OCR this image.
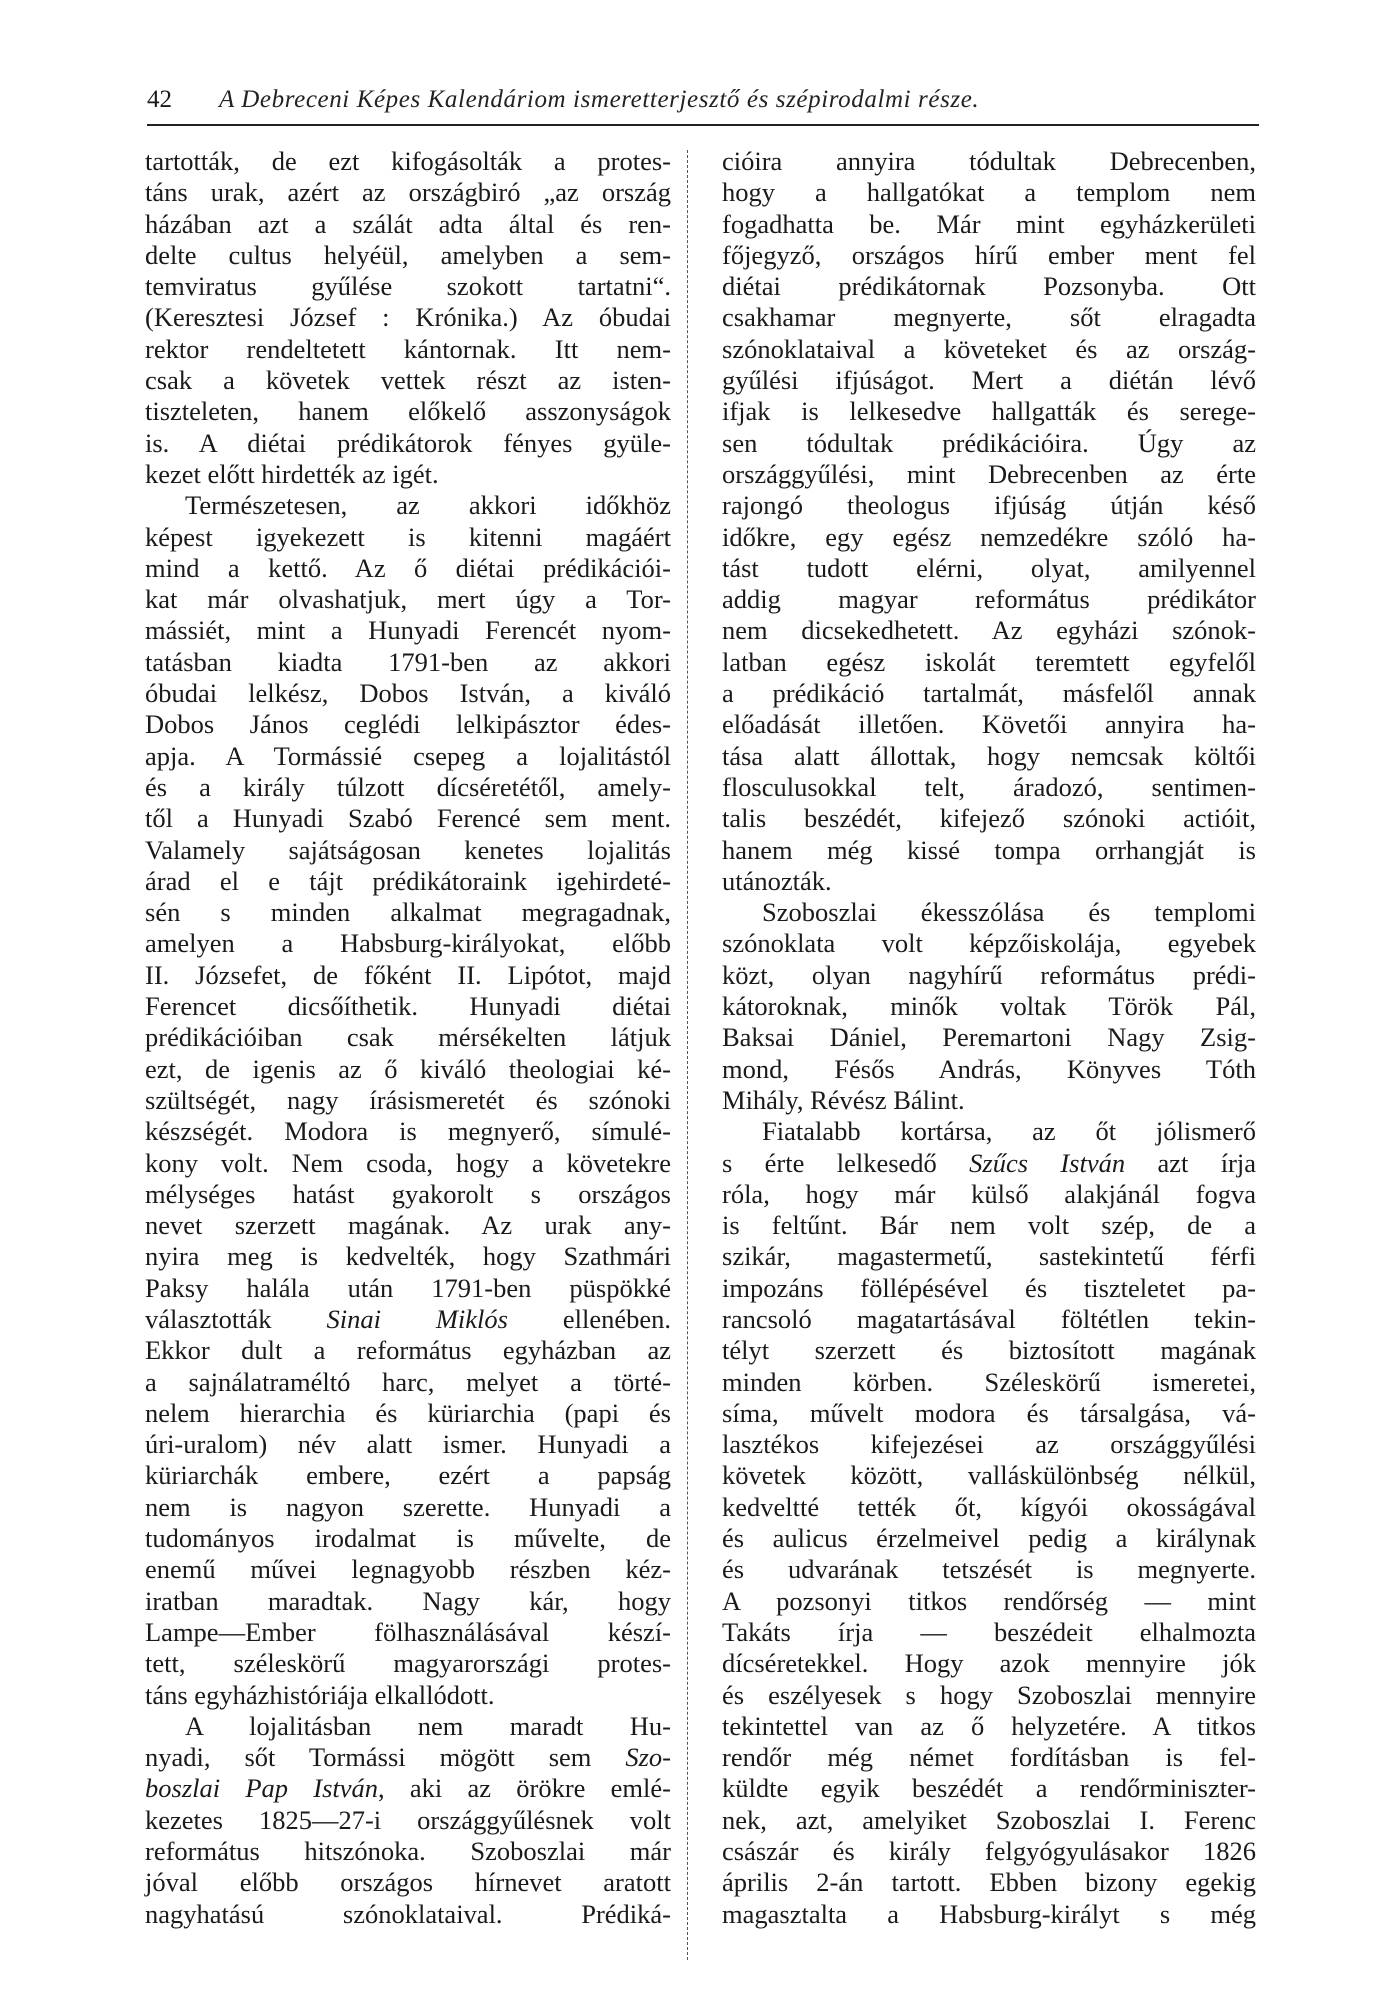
42 A Debreceni Képes Kalendáriom ismeretterjesztő és szépirodalmi része.
tartották, de ezt kifogásolták a protes-
táns urak, azért az országbiró „az ország
házában azt a szálát adta által és ren-
delte cultus helyéül, amelyben a sem-
temviratus gyűlése szokott tartatni“.
(Keresztesi József : Krónika.) Az óbudai
rektor rendeltetett kántornak. Itt nem-
csak a követek vettek részt az isten-
tiszteleten, hanem előkelő asszonyságok
is. A diétai prédikátorok fényes gyüle-
kezet előtt hirdették az igét.
Természetesen, az akkori időkhöz
képest igyekezett is kitenni magáért
mind a kettő. Az ő diétai prédikációi-
kat már olvashatjuk, mert úgy a Tor-
mássiét, mint a Hunyadi Ferencét nyom-
tatásban kiadta 1791-ben az akkori
óbudai lelkész, Dobos István, a kiváló
Dobos János ceglédi lelkipásztor édes-
apja. A Tormássié csepeg a lojalitástól
és a király túlzott dícséretétől, amely-
től a Hunyadi Szabó Ferencé sem ment.
Valamely sajátságosan kenetes lojalitás
árad el e tájt prédikátoraink igehirdeté-
sén s minden alkalmat megragadnak,
amelyen a Habsburg-királyokat, előbb
II. Józsefet, de főként II. Lipótot, majd
Ferencet dicsőíthetik. Hunyadi diétai
prédikációiban csak mérsékelten látjuk
ezt, de igenis az ő kiváló theologiai ké-
szültségét, nagy írásismeretét és szónoki
készségét. Modora is megnyerő, símulé-
kony volt. Nem csoda, hogy a követekre
mélységes hatást gyakorolt s országos
nevet szerzett magának. Az urak any-
nyira meg is kedvelték, hogy Szathmári
Paksy halála után 1791-ben püspökké
választották Sinai Miklós ellenében.
Ekkor dult a református egyházban az
a sajnálatraméltó harc, melyet a törté-
nelem hierarchia és küriarchia (papi és
úri-uralom) név alatt ismer. Hunyadi a
küriarchák embere, ezért a papság
nem is nagyon szerette. Hunyadi a
tudományos irodalmat is művelte, de
enemű művei legnagyobb részben kéz-
iratban maradtak. Nagy kár, hogy
Lampe—Ember fölhasználásával készí-
tett, széleskörű magyarországi protes-
táns egyházhistóriája elkallódott.
A lojalitásban nem maradt Hu-
nyadi, sőt Tormássi mögött sem Szo-
boszlai Pap István, aki az örökre emlé-
kezetes 1825—27-i országgyűlésnek volt
református hitszónoka. Szoboszlai már
jóval előbb országos hírnevet aratott
nagyhatású szónoklataival. Prédiká-
cióira annyira tódultak Debrecenben,
hogy a hallgatókat a templom nem
fogadhatta be. Már mint egyházkerületi
főjegyző, országos hírű ember ment fel
diétai prédikátornak Pozsonyba. Ott
csakhamar megnyerte, sőt elragadta
szónoklataival a követeket és az ország-
gyűlési ifjúságot. Mert a diétán lévő
ifjak is lelkesedve hallgatták és serege-
sen tódultak prédikációira. Úgy az
országgyűlési, mint Debrecenben az érte
rajongó theologus ifjúság útján késő
időkre, egy egész nemzedékre szóló ha-
tást tudott elérni, olyat, amilyennel
addig magyar református prédikátor
nem dicsekedhetett. Az egyházi szónok-
latban egész iskolát teremtett egyfelől
a prédikáció tartalmát, másfelől annak
előadását illetően. Követői annyira ha-
tása alatt állottak, hogy nemcsak költői
flosculusokkal telt, áradozó, sentimen-
talis beszédét, kifejező szónoki actióit,
hanem még kissé tompa orrhangját is
utánozták.
Szoboszlai ékesszólása és templomi
szónoklata volt képzőiskolája, egyebek
közt, olyan nagyhírű református prédi-
kátoroknak, minők voltak Török Pál,
Baksai Dániel, Peremartoni Nagy Zsig-
mond, Fésős András, Könyves Tóth
Mihály, Révész Bálint.
Fiatalabb kortársa, az őt jólismerő
s érte lelkesedő Szűcs István azt írja
róla, hogy már külső alakjánál fogva
is feltűnt. Bár nem volt szép, de a
szikár, magastermetű, sastekintetű férfi
impozáns föllépésével és tiszteletet pa-
rancsoló magatartásával föltétlen tekin-
télyt szerzett és biztosított magának
minden körben. Széleskörű ismeretei,
síma, művelt modora és társalgása, vá-
lasztékos kifejezései az országgyűlési
követek között, valláskülönbség nélkül,
kedveltté tették őt, kígyói okosságával
és aulicus érzelmeivel pedig a királynak
és udvarának tetszését is megnyerte.
A pozsonyi titkos rendőrség — mint
Takáts írja — beszédeit elhalmozta
dícséretekkel. Hogy azok mennyire jók
és eszélyesek s hogy Szoboszlai mennyire
tekintettel van az ő helyzetére. A titkos
rendőr még német fordításban is fel-
küldte egyik beszédét a rendőrminiszter-
nek, azt, amelyiket Szoboszlai I. Ferenc
császár és király felgyógyulásakor 1826
április 2-án tartott. Ebben bizony egekig
magasztalta a Habsburg-királyt s még
